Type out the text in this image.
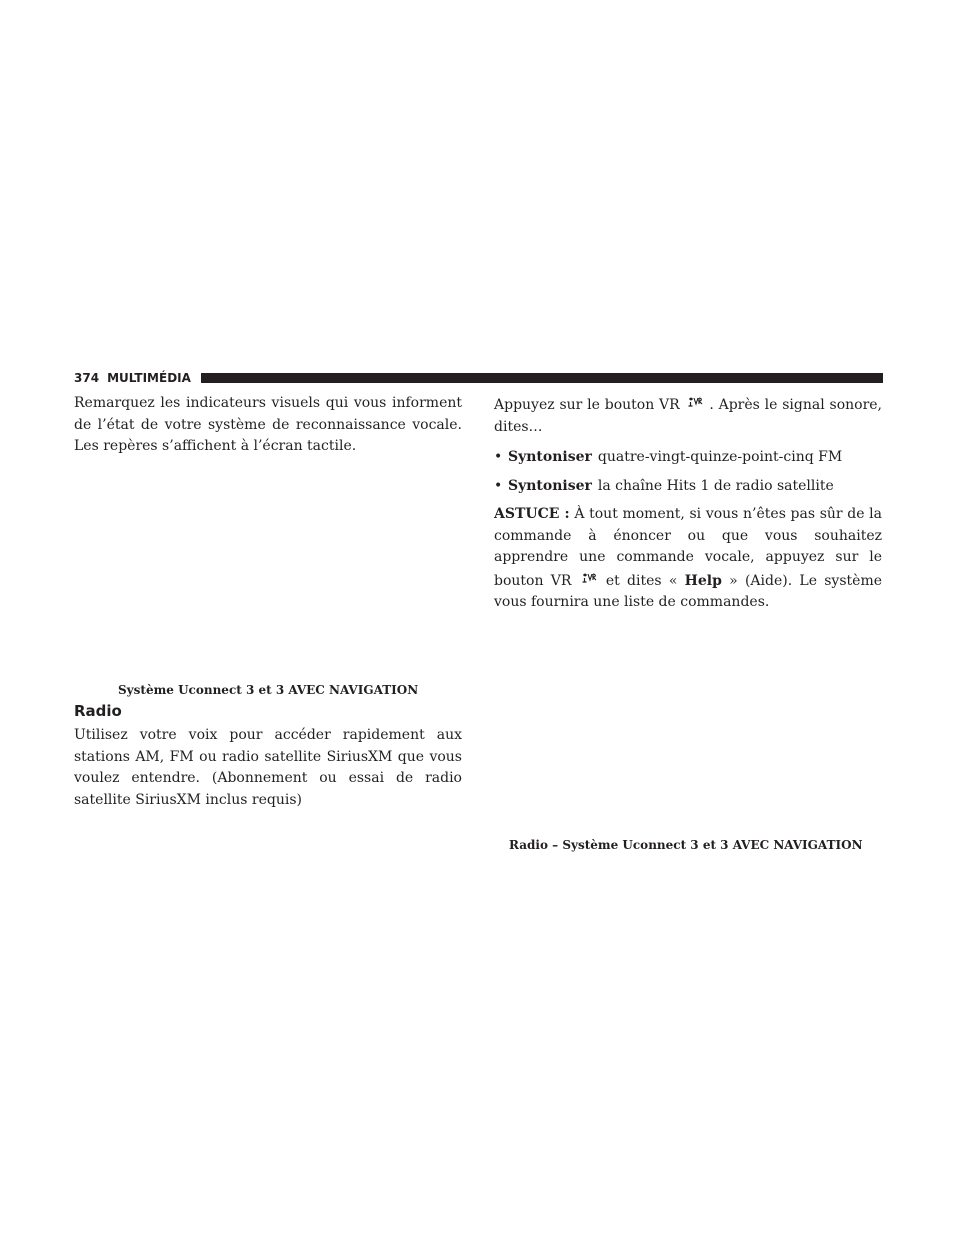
374 MULTIMÉDIA

Remarquez les indicateurs visuels qui vous informent de l’état de votre système de reconnaissance vocale. Les repères s’affichent à l’écran tactile.

Système Uconnect 3 et 3 AVEC NAVIGATION
Radio

Utilisez votre voix pour accéder rapidement aux stations AM, FM ou radio satellite SiriusXM que vous voulez entendre. (Abonnement ou essai de radio satellite SiriusXM inclus requis)

Appuyez sur le bouton VR . Après le signal sonore, dites…

• Syntoniser quatre-vingt-quinze-point-cinq FM

• Syntoniser la chaîne Hits 1 de radio satellite

ASTUCE : À tout moment, si vous n’êtes pas sûr de la commande à énoncer ou que vous souhaitez apprendre une commande vocale, appuyez sur le bouton VR et dites « Help » (Aide). Le système vous fournira une liste de commandes.

Radio – Système Uconnect 3 et 3 AVEC NAVIGATION
